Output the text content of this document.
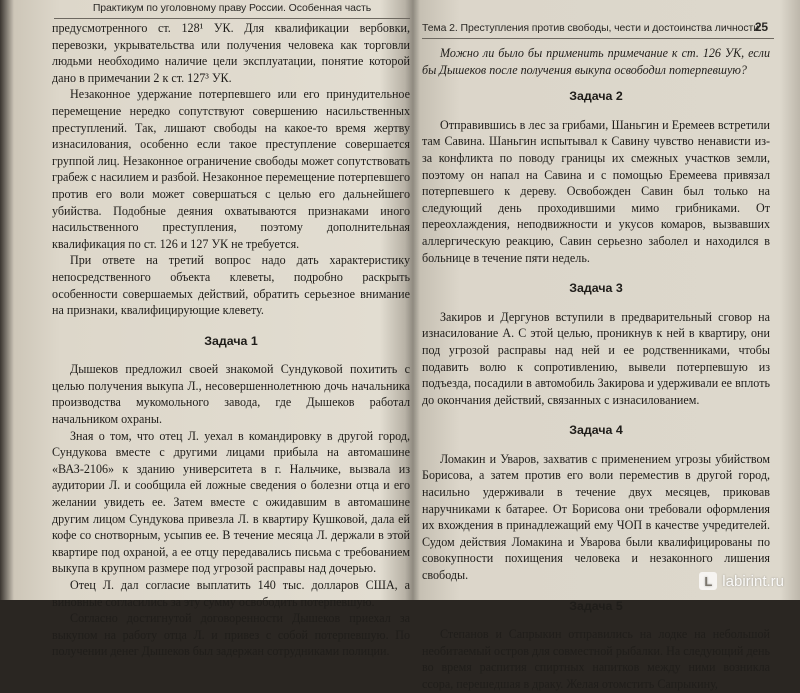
Практикум по уголовному праву России. Особенная часть

предусмотренного ст. 128¹ УК. Для квалификации вербовки, перевозки, укрывательства или получения человека как торговли людьми необходимо наличие цели эксплуатации, понятие которой дано в примечании 2 к ст. 127³ УК.

Незаконное удержание потерпевшего или его принудительное перемещение нередко сопутствуют совершению насильственных преступлений. Так, лишают свободы на какое-то время жертву изнасилования, особенно если такое преступление совершается группой лиц. Незаконное ограничение свободы может сопутствовать грабеж с насилием и разбой. Незаконное перемещение потерпевшего против его воли может совершаться с целью его дальнейшего убийства. Подобные деяния охватываются признаками иного насильственного преступления, поэтому дополнительная квалификация по ст. 126 и 127 УК не требуется.

При ответе на третий вопрос надо дать характеристику непосредственного объекта клеветы, подробно раскрыть особенности совершаемых действий, обратить серьезное внимание на признаки, квалифицирующие клевету.

Задача 1

Дышеков предложил своей знакомой Сундуковой похитить с целью получения выкупа Л., несовершеннолетнюю дочь начальника производства мукомольного завода, где Дышеков работал начальником охраны.

Зная о том, что отец Л. уехал в командировку в другой город, Сундукова вместе с другими лицами прибыла на автомашине «ВАЗ-2106» к зданию университета в г. Нальчике, вызвала из аудитории Л. и сообщила ей ложные сведения о болезни отца и его желании увидеть ее. Затем вместе с ожидавшим в автомашине другим лицом Сундукова привезла Л. в квартиру Кушковой, дала ей кофе со снотворным, усыпив ее. В течение месяца Л. держали в этой квартире под охраной, а ее отцу передавались письма с требованием выкупа в крупном размере под угрозой расправы над дочерью.

Отец Л. дал согласие выплатить 140 тыс. долларов США, а виновные согласились за эту сумму освободить потерпевшую.

Согласно достигнутой договоренности Дышеков приехал за выкупом на работу отца Л. и привез с собой потерпевшую. По получении денег Дышеков был задержан сотрудниками полиции.

Тема 2. Преступления против свободы, чести и достоинства личности
25

Можно ли было бы применить примечание к ст. 126 УК, если бы Дышеков после получения выкупа освободил потерпевшую?

Задача 2

Отправившись в лес за грибами, Шаньгин и Еремеев встретили там Савина. Шаньгин испытывал к Савину чувство ненависти из-за конфликта по поводу границы их смежных участков земли, поэтому он напал на Савина и с помощью Еремеева привязал потерпевшего к дереву. Освобожден Савин был только на следующий день проходившими мимо грибниками. От переохлаждения, неподвижности и укусов комаров, вызвавших аллергическую реакцию, Савин серьезно заболел и находился в больнице в течение пяти недель.

Задача 3

Закиров и Дергунов вступили в предварительный сговор на изнасилование А. С этой целью, проникнув к ней в квартиру, они под угрозой расправы над ней и ее родственниками, чтобы подавить волю к сопротивлению, вывели потерпевшую из подъезда, посадили в автомобиль Закирова и удерживали ее вплоть до окончания действий, связанных с изнасилованием.

Задача 4

Ломакин и Уваров, захватив с применением угрозы убийством Борисова, а затем против его воли переместив в другой город, насильно удерживали в течение двух месяцев, приковав наручниками к батарее. От Борисова они требовали оформления их вхождения в принадлежащий ему ЧОП в качестве учредителей. Судом действия Ломакина и Уварова были квалифицированы по совокупности похищения человека и незаконного лишения свободы.

Задача 5

Степанов и Сапрыкин отправились на лодке на небольшой необитаемый остров для совместной рыбалки. На следующий день во время распития спиртных напитков между ними возникла ссора, перешедшая в драку. Желая отомстить Сапрыкину,

L labirint.ru
